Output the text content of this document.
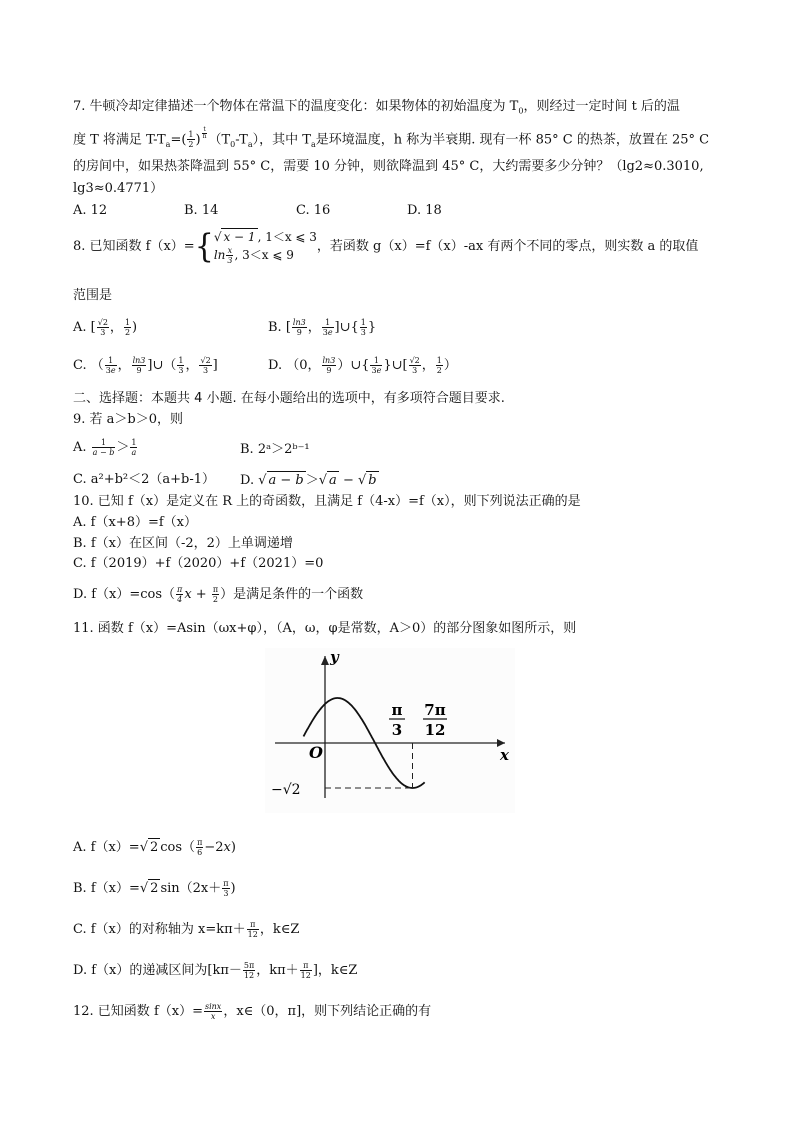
7. 牛顿冷却定律描述一个物体在常温下的温度变化：如果物体的初始温度为 $T_0$，则经过一定时间 t 后的温
度 T 将满足 $T-T_a=( \frac{1}{2}$ ) $^{\frac{t}{h}}$ $(T_0-T_a)$，其中 $T_a$是环境温度，h 称为半衰期. 现有一杯 85° C 的热茶，放置在 25° C
的房间中，如果热茶降温到 55° C，需要 10 分钟，则欲降温到 45° C，大约需要多少分钟？（lg2≈0.3010,
lg3≈0.4771）
A. 12	B. 14	C. 16	D. 18
8. 已知函数 f（x）={ √ x − 1 , 1＜x ⩽ 3
$\ln \frac{x}{3}$ , 3＜x ⩽ 9
，若函数 g（x）=f（x）-ax 有两个不同的零点，则实数 a 的取值
范围是
A. [ $\frac{√2}{3}$ ， $\frac{1}{2}$ )	B. [ $\frac{\ln 3}{9}$ ， $\frac{1}{3e}$ ]∪{ $\frac{1}{3}$ }
C. （ $\frac{1}{3e}$ ， $\frac{\ln 3}{9}$ ]∪（ $\frac{1}{3}$ ， $\frac{√2}{3}$ ]	D. （0， $\frac{\ln 3}{9}$ ）∪{ $\frac{1}{3e}$ }∪[ $\frac{√2}{3}$ ， $\frac{1}{2}$ ）
二、选择题：本题共 4 小题. 在每小题给出的选项中，有多项符合题目要求.
9. 若 a＞b＞0，则
A. $\frac{1}{a - b} > \frac{1}{a}$	B. 2ᵃ＞2ᵇ⁻¹
C. a²+b²＜2（a+b-1） D. √ a − b ＞√ a − √ b
10. 已知 f（x）是定义在 R 上的奇函数，且满足 f（4-x）=f（x），则下列说法正确的是
A. f（x+8）=f（x）
B. f（x）在区间（-2，2）上单调递增
C. f（2019）+f（2020）+f（2021）=0
D. $f(x)=\cos( \frac{\pi}{4}$ $x + \frac{\pi}{2}$ ）是满足条件的一个函数
11. 函数 f（x）=Asin（ωx+φ），（A，ω，φ是常数，A＞0）的部分图象如图所示，则
y
x
O
π
3
7π
12
−√2
A. f（x）=√ 2 $\cos( \frac{\pi}{6} -2x)$
B. f（x）=√ 2 $\sin(2x+ \frac{\pi}{3}$ )
C. f（x）的对称轴为 $x=k\pi+ \frac{\pi}{12}$ ，k∈Z
D. f（x）的递减区间为[$k\pi- \frac{5\pi}{12}$ ，$k\pi+ \frac{\pi}{12}$ ]，k∈Z
12. 已知函数 $f(x)= \frac{\sin x}{x}$ ，x∈（0，π]，则下列结论正确的有
